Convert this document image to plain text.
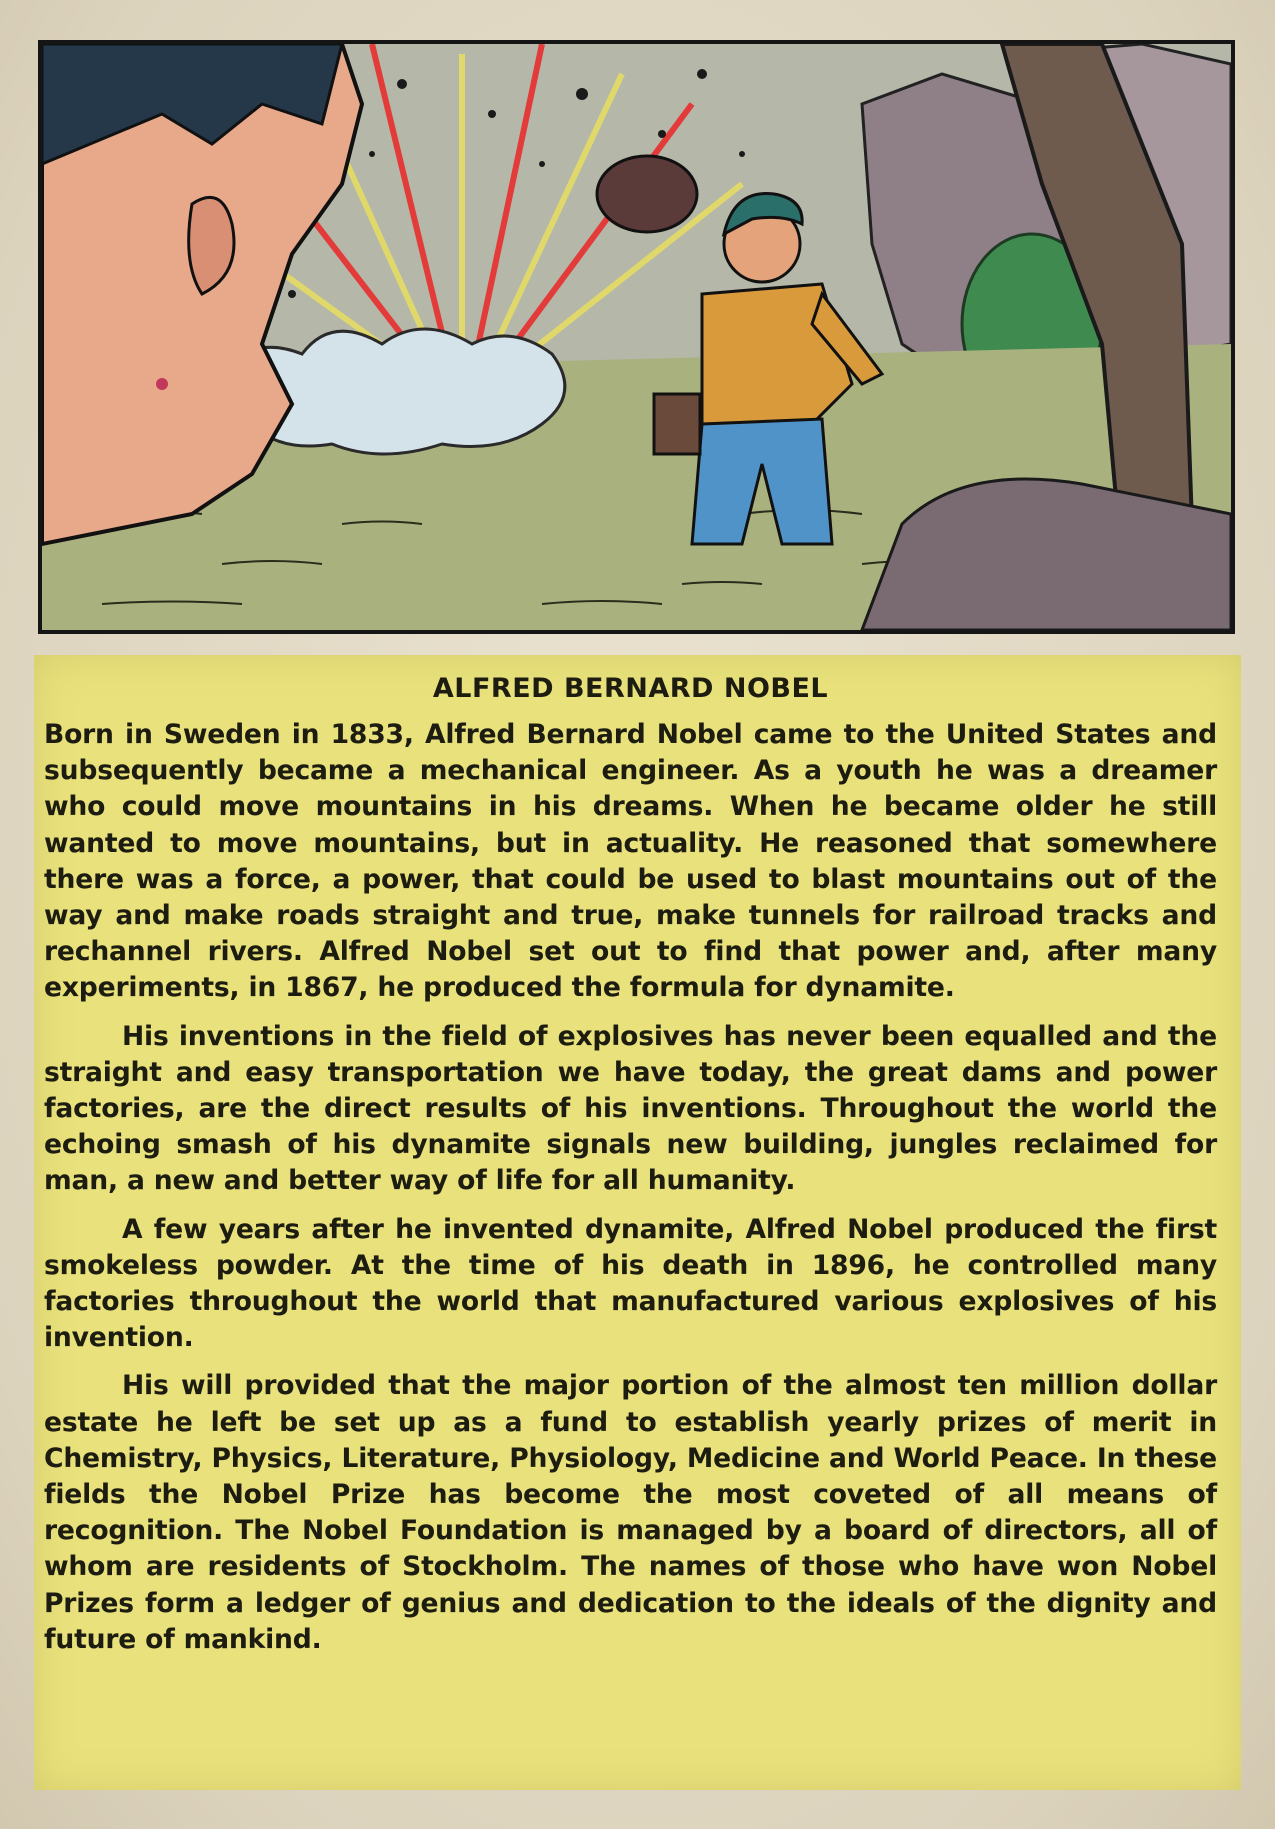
ALFRED BERNARD NOBEL

Born in Sweden in 1833, Alfred Bernard Nobel came to the United States and subsequently became a mechanical engineer. As a youth he was a dreamer who could move mountains in his dreams. When he became older he still wanted to move mountains, but in actuality. He reasoned that somewhere there was a force, a power, that could be used to blast mountains out of the way and make roads straight and true, make tunnels for railroad tracks and rechannel rivers. Alfred Nobel set out to find that power and, after many experiments, in 1867, he produced the formula for dynamite.

His inventions in the field of explosives has never been equalled and the straight and easy transportation we have today, the great dams and power factories, are the direct results of his inventions. Throughout the world the echoing smash of his dynamite signals new building, jungles reclaimed for man, a new and better way of life for all humanity.

A few years after he invented dynamite, Alfred Nobel produced the first smokeless powder. At the time of his death in 1896, he controlled many factories throughout the world that manufactured various explosives of his invention.

His will provided that the major portion of the almost ten million dollar estate he left be set up as a fund to establish yearly prizes of merit in Chemistry, Physics, Literature, Physiology, Medicine and World Peace. In these fields the Nobel Prize has become the most coveted of all means of recognition. The Nobel Foundation is managed by a board of directors, all of whom are residents of Stockholm. The names of those who have won Nobel Prizes form a ledger of genius and dedication to the ideals of the dignity and future of mankind.
